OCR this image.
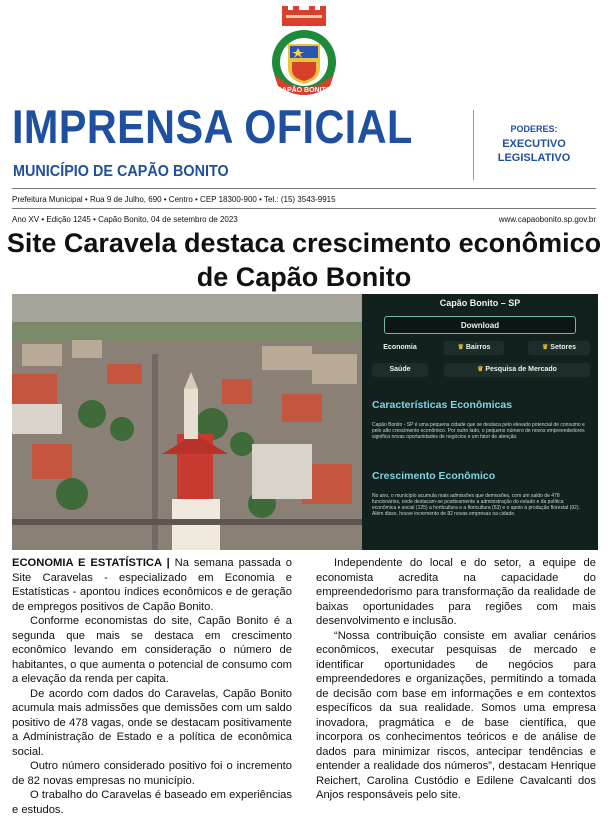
CAPÃO BONITO
1º de Outubro
1843
IMPRENSA OFICIAL
MUNICÍPIO DE CAPÃO BONITO
PODERES:
EXECUTIVO
LEGISLATIVO
Prefeitura Municipal • Rua 9 de Julho, 690 • Centro • CEP 18300-900 • Tel.: (15) 3543-9915
Ano XV • Edição 1245 • Capão Bonito, 04 de setembro de 2023	www.capaobonito.sp.gov.br
Site Caravela destaca crescimento econômico de Capão Bonito
Capão Bonito – SP
Download
Economia	♛ Bairros	♛ Setores
Saúde	♛ Pesquisa de Mercado
Características Econômicas
Capão Bonito - SP é uma pequena cidade que se destaca pelo elevado potencial de consumo e pelo alto crescimento econômico. Por outro lado, o pequeno número de novos empreendedores significa novas oportunidades de negócios e um fator de atenção.
Crescimento Econômico
No ano, o município acumula mais admissões que demissões, com um saldo de 478 funcionários, onde destacam-se positivamente a administração do estado e da política econômica e social (125) a horticultura e a floricultura (63) e o apoio à produção florestal (92). Além disso, houve incremento de 82 novas empresas na cidade.

ECONOMIA E ESTATÍSTICA | Na semana passada o Site Caravelas - especializado em Economia e Estatísticas - apontou índices econômicos e de geração de empregos positivos de Capão Bonito.

Conforme economistas do site, Capão Bonito é a segunda que mais se destaca em crescimento econômico levando em consideração o número de habitantes, o que aumenta o potencial de consumo com a elevação da renda per capita.

De acordo com dados do Caravelas, Capão Bonito acumula mais admissões que demissões com um saldo positivo de 478 vagas, onde se destacam positivamente a Administração de Estado e a política de econômica social.

Outro número considerado positivo foi o incremento de 82 novas empresas no município.

O trabalho do Caravelas é baseado em experiências e estudos.

Independente do local e do setor, a equipe de economista acredita na capacidade do empreendedorismo para transformação da realidade de baixas oportunidades para regiões com mais desenvolvimento e inclusão.

“Nossa contribuição consiste em avaliar cenários econômicos, executar pesquisas de mercado e identificar oportunidades de negócios para empreendedores e organizações, permitindo a tomada de decisão com base em informações e em contextos específicos da sua realidade. Somos uma empresa inovadora, pragmática e de base científica, que incorpora os conhecimentos teóricos e de análise de dados para minimizar riscos, antecipar tendências e entender a realidade dos números”, destacam Henrique Reichert, Carolina Custódio e Edilene Cavalcanti dos Anjos responsáveis pelo site.
